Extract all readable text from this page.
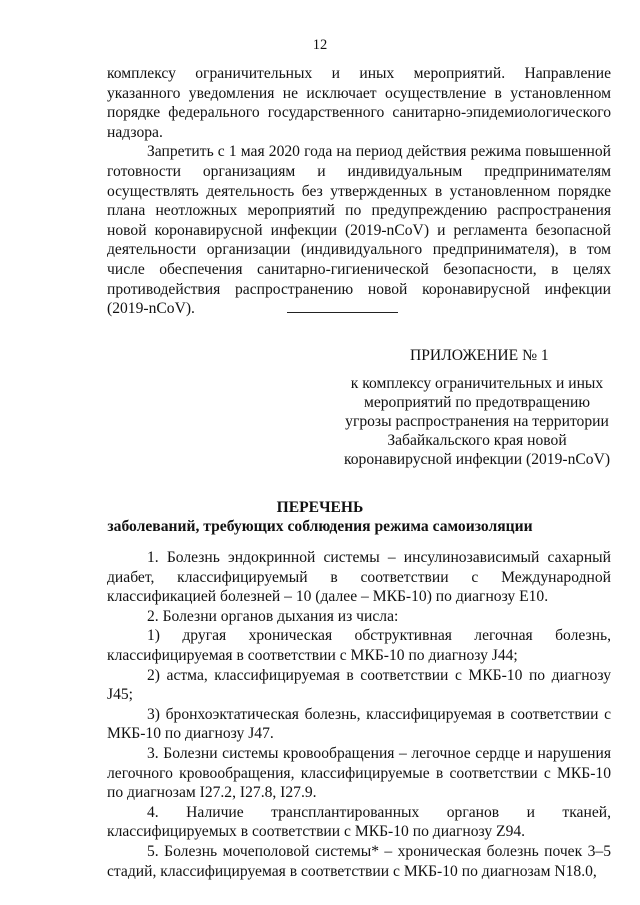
12

комплексу ограничительных и иных мероприятий. Направление указанного уведомления не исключает осуществление в установленном порядке федерального государственного санитарно-эпидемиологического надзора.

Запретить с 1 мая 2020 года на период действия режима повышенной готовности организациям и индивидуальным предпринимателям осуществлять деятельность без утвержденных в установленном порядке плана неотложных мероприятий по предупреждению распространения новой коронавирусной инфекции (2019-nCoV) и регламента безопасной деятельности организации (индивидуального предпринимателя), в том числе обеспечения санитарно-гигиенической безопасности, в целях противодействия распространению новой коронавирусной инфекции (2019-nCoV).

ПРИЛОЖЕНИЕ № 1
к комплексу ограничительных и иных мероприятий по предотвращению угрозы распространения на территории Забайкальского края новой коронавирусной инфекции (2019-nCoV)
ПЕРЕЧЕНЬ
заболеваний, требующих соблюдения режима самоизоляции

1. Болезнь эндокринной системы – инсулинозависимый сахарный диабет, классифицируемый в соответствии с Международной классификацией болезней – 10 (далее – МКБ-10) по диагнозу E10.

2. Болезни органов дыхания из числа:

1) другая хроническая обструктивная легочная болезнь, классифицируемая в соответствии с МКБ-10 по диагнозу J44;

2) астма, классифицируемая в соответствии с МКБ-10 по диагнозу J45;

3) бронхоэктатическая болезнь, классифицируемая в соответствии с МКБ-10 по диагнозу J47.

3. Болезни системы кровообращения – легочное сердце и нарушения легочного кровообращения, классифицируемые в соответствии с МКБ-10 по диагнозам I27.2, I27.8, I27.9.

4. Наличие трансплантированных органов и тканей, классифицируемых в соответствии с МКБ-10 по диагнозу Z94.

5. Болезнь мочеполовой системы* – хроническая болезнь почек 3–5 стадий, классифицируемая в соответствии с МКБ-10 по диагнозам N18.0,
